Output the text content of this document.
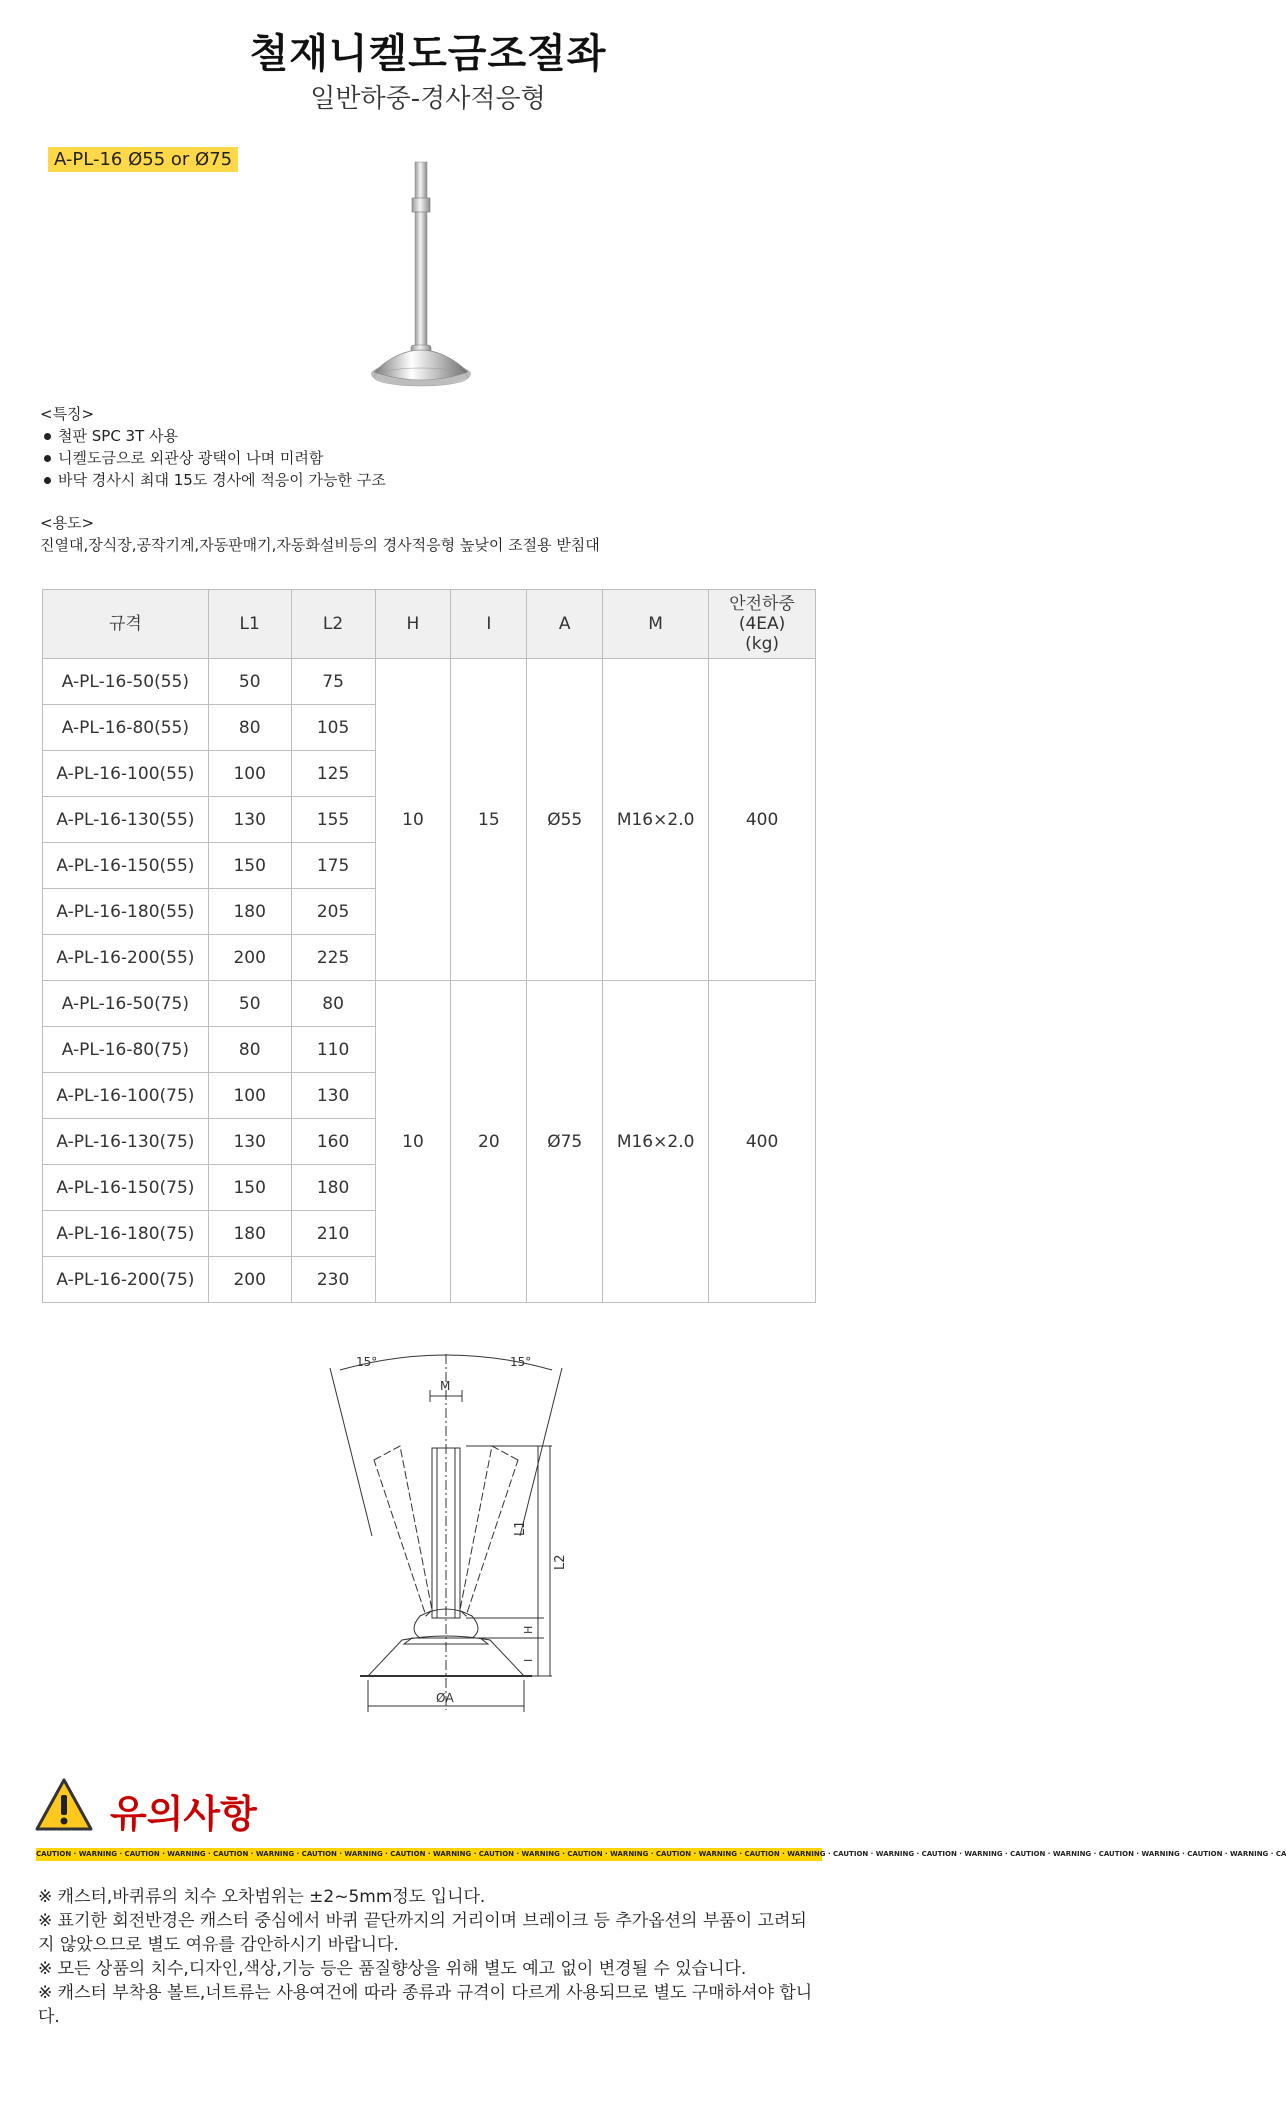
철재니켈도금조절좌
일반하중-경사적응형
A-PL-16 Ø55 or Ø75
<특징>
철판 SPC 3T 사용
니켈도금으로 외관상 광택이 나며 미려함
바닥 경사시 최대 15도 경사에 적응이 가능한 구조
<용도>
진열대,장식장,공작기계,자동판매기,자동화설비등의 경사적응형 높낮이 조절용 받침대
규격	L1	L2	H	I	A	M	안전하중
(4EA)
(kg)
A-PL-16-50(55)	50	75	10	15	Ø55	M16×2.0	400
A-PL-16-80(55)	80	105					
A-PL-16-100(55)	100	125					
A-PL-16-130(55)	130	155					
A-PL-16-150(55)	150	175					
A-PL-16-180(55)	180	205					
A-PL-16-200(55)	200	225					
A-PL-16-50(75)	50	80	10	20	Ø75	M16×2.0	400
A-PL-16-80(75)	80	110					
A-PL-16-100(75)	100	130					
A-PL-16-130(75)	130	160					
A-PL-16-150(75)	150	180					
A-PL-16-180(75)	180	210					
A-PL-16-200(75)	200	230					
15°	15°
M
L1
L2
H
I
ØA
유의사항
CAUTION · WARNING · CAUTION · WARNING · CAUTION · WARNING · CAUTION · WARNING · CAUTION · WARNING · CAUTION · WARNING · CAUTION · WARNING · CAUTION · WARNING · CAUTION · WARNING · CAUTION · WARNING · CAUTION · WARNING · CAUTION · WARNING · CAUTION · WARNING · CAUTION · WARNING · CA

※ 캐스터,바퀴류의 치수 오차범위는 ±2~5mm정도 입니다.

※ 표기한 회전반경은 캐스터 중심에서 바퀴 끝단까지의 거리이며 브레이크 등 추가옵션의 부품이 고려되지 않았으므로 별도 여유를 감안하시기 바랍니다.

※ 모든 상품의 치수,디자인,색상,기능 등은 품질향상을 위해 별도 예고 없이 변경될 수 있습니다.

※ 캐스터 부착용 볼트,너트류는 사용여건에 따라 종류과 규격이 다르게 사용되므로 별도 구매하셔야 합니다.
